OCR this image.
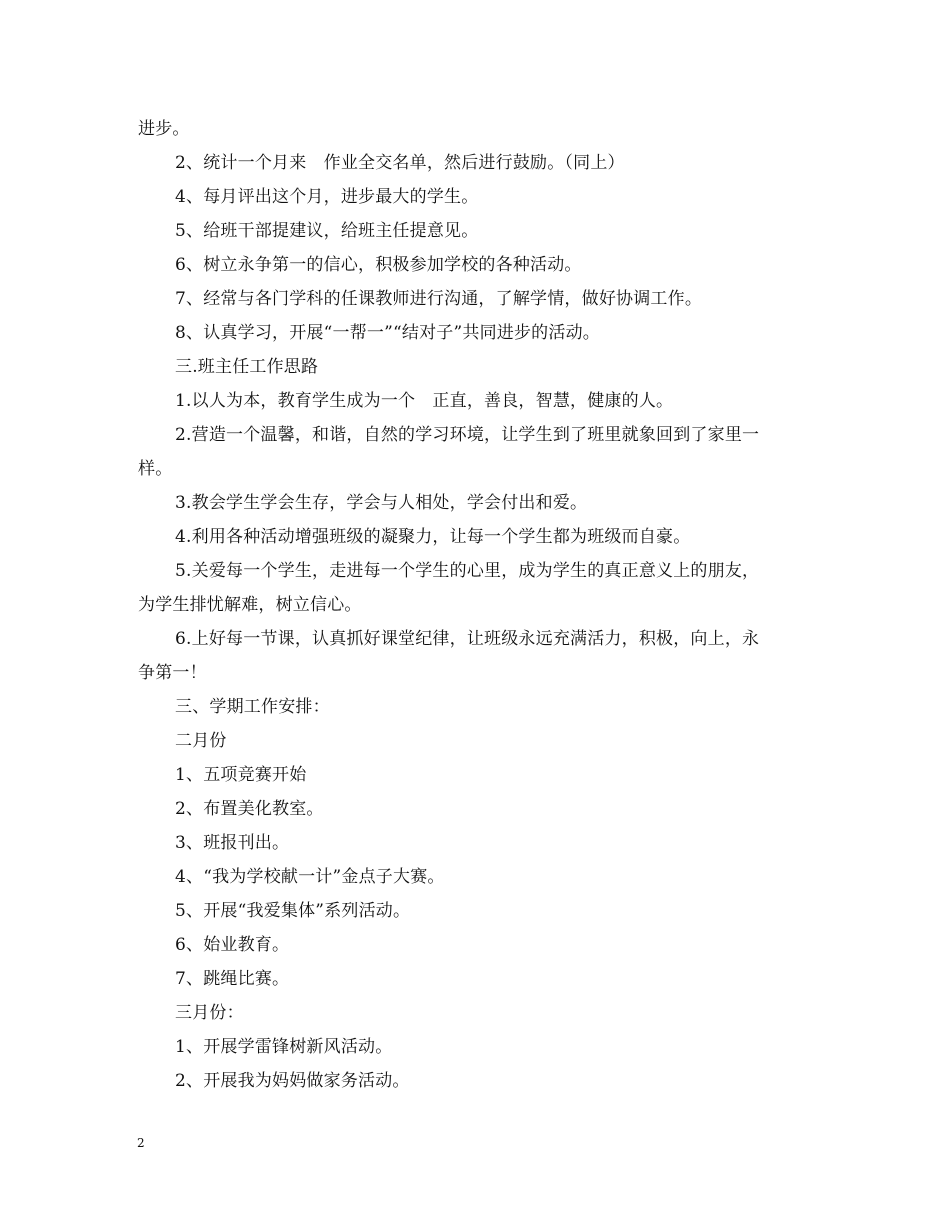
进步。
2、统计一个月来　作业全交名单，然后进行鼓励。（同上）
4、每月评出这个月，进步最大的学生。
5、给班干部提建议，给班主任提意见。
6、树立永争第一的信心，积极参加学校的各种活动。
7、经常与各门学科的任课教师进行沟通，了解学情，做好协调工作。
8、认真学习，开展“一帮一”“结对子”共同进步的活动。
三.班主任工作思路
1.以人为本，教育学生成为一个　正直，善良，智慧，健康的人。
2.营造一个温馨，和谐，自然的学习环境，让学生到了班里就象回到了家里一
样。
3.教会学生学会生存，学会与人相处，学会付出和爱。
4.利用各种活动增强班级的凝聚力，让每一个学生都为班级而自豪。
5.关爱每一个学生，走进每一个学生的心里，成为学生的真正意义上的朋友，
为学生排忧解难，树立信心。
6.上好每一节课，认真抓好课堂纪律，让班级永远充满活力，积极，向上，永
争第一！
三、学期工作安排：
二月份
1、五项竞赛开始
2、布置美化教室。
3、班报刊出。
4、“我为学校献一计”金点子大赛。
5、开展“我爱集体”系列活动。
6、始业教育。
7、跳绳比赛。
三月份：
1、开展学雷锋树新风活动。
2、开展我为妈妈做家务活动。
2
